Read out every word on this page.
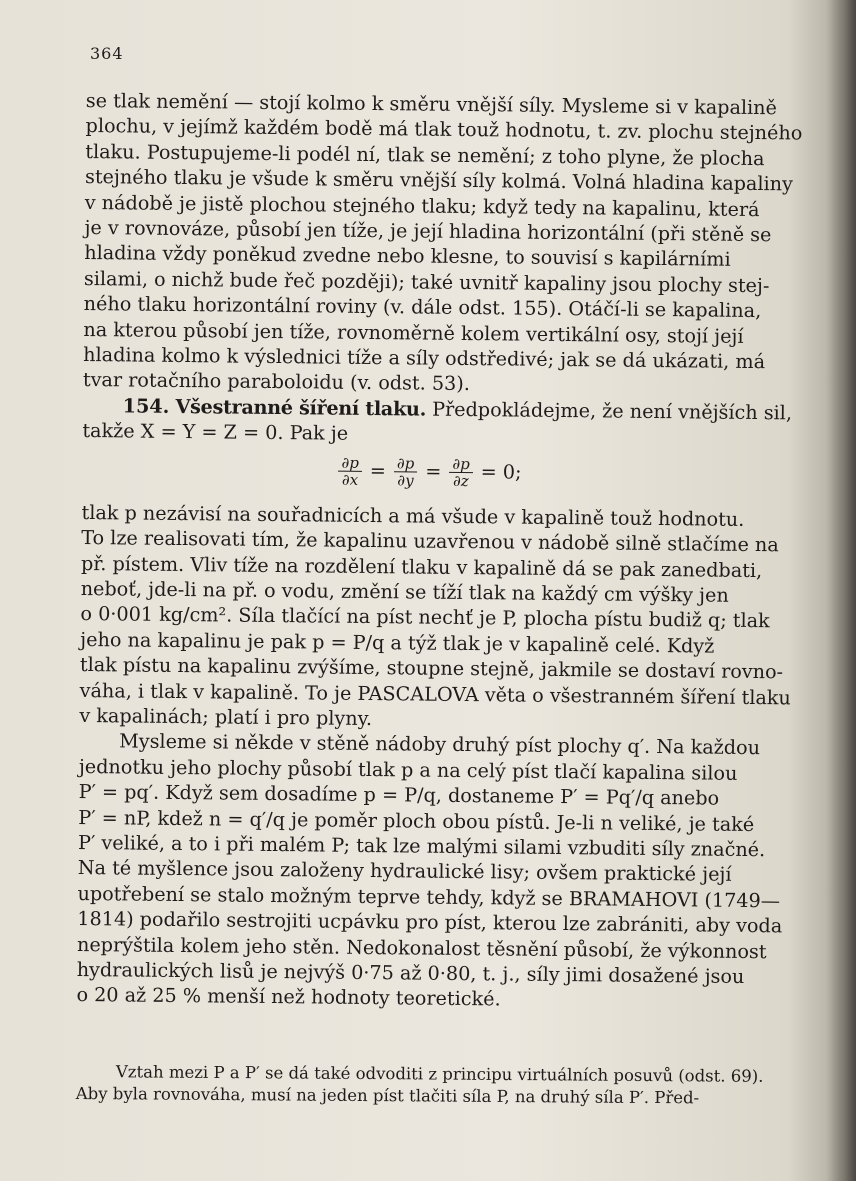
364
se tlak nemění — stojí kolmo k směru vnější síly. Mysleme si v kapalině
plochu, v jejímž každém bodě má tlak touž hodnotu, t. zv. plochu stejného
tlaku. Postupujeme-li podél ní, tlak se nemění; z toho plyne, že plocha
stejného tlaku je všude k směru vnější síly kolmá. Volná hladina kapaliny
v nádobě je jistě plochou stejného tlaku; když tedy na kapalinu, která
je v rovnováze, působí jen tíže, je její hladina horizontální (při stěně se
hladina vždy poněkud zvedne nebo klesne, to souvisí s kapilárními
silami, o nichž bude řeč později); také uvnitř kapaliny jsou plochy stej-
ného tlaku horizontální roviny (v. dále odst. 155). Otáčí-li se kapalina,
na kterou působí jen tíže, rovnoměrně kolem vertikální osy, stojí její
hladina kolmo k výslednici tíže a síly odstředivé; jak se dá ukázati, má
tvar rotačního paraboloidu (v. odst. 53).
154. Všestranné šíření tlaku. Předpokládejme, že není vnějších sil,
takže X = Y = Z = 0. Pak je
$\frac{\partial p}{\partial x} = \frac{\partial p}{\partial y} = \frac{\partial p}{\partial z} = 0$;
tlak p nezávisí na souřadnicích a má všude v kapalině touž hodnotu.
To lze realisovati tím, že kapalinu uzavřenou v nádobě silně stlačíme na
př. pístem. Vliv tíže na rozdělení tlaku v kapalině dá se pak zanedbati,
neboť, jde-li na př. o vodu, změní se tíží tlak na každý cm výšky jen
o 0·001 kg/cm². Síla tlačící na píst nechť je P, plocha pístu budiž q; tlak
jeho na kapalinu je pak p = P/q a týž tlak je v kapalině celé. Když
tlak pístu na kapalinu zvýšíme, stoupne stejně, jakmile se dostaví rovno-
váha, i tlak v kapalině. To je PASCALOVA věta o všestranném šíření tlaku
v kapalinách; platí i pro plyny.
Mysleme si někde v stěně nádoby druhý píst plochy q′. Na každou
jednotku jeho plochy působí tlak p a na celý píst tlačí kapalina silou
P′ = pq′. Když sem dosadíme p = P/q, dostaneme P′ = Pq′/q anebo
P′ = nP, kdež n = q′/q je poměr ploch obou pístů. Je-li n veliké, je také
P′ veliké, a to i při malém P; tak lze malými silami vzbuditi síly značné.
Na té myšlence jsou založeny hydraulické lisy; ovšem praktické její
upotřebení se stalo možným teprve tehdy, když se BRAMAHOVI (1749—
1814) podařilo sestrojiti ucpávku pro píst, kterou lze zabrániti, aby voda
neprýštila kolem jeho stěn. Nedokonalost těsnění působí, že výkonnost
hydraulických lisů je nejvýš 0·75 až 0·80, t. j., síly jimi dosažené jsou
o 20 až 25 % menší než hodnoty teoretické.
Vztah mezi P a P′ se dá také odvoditi z principu virtuálních posuvů (odst. 69).
Aby byla rovnováha, musí na jeden píst tlačiti síla P, na druhý síla P′. Před-
